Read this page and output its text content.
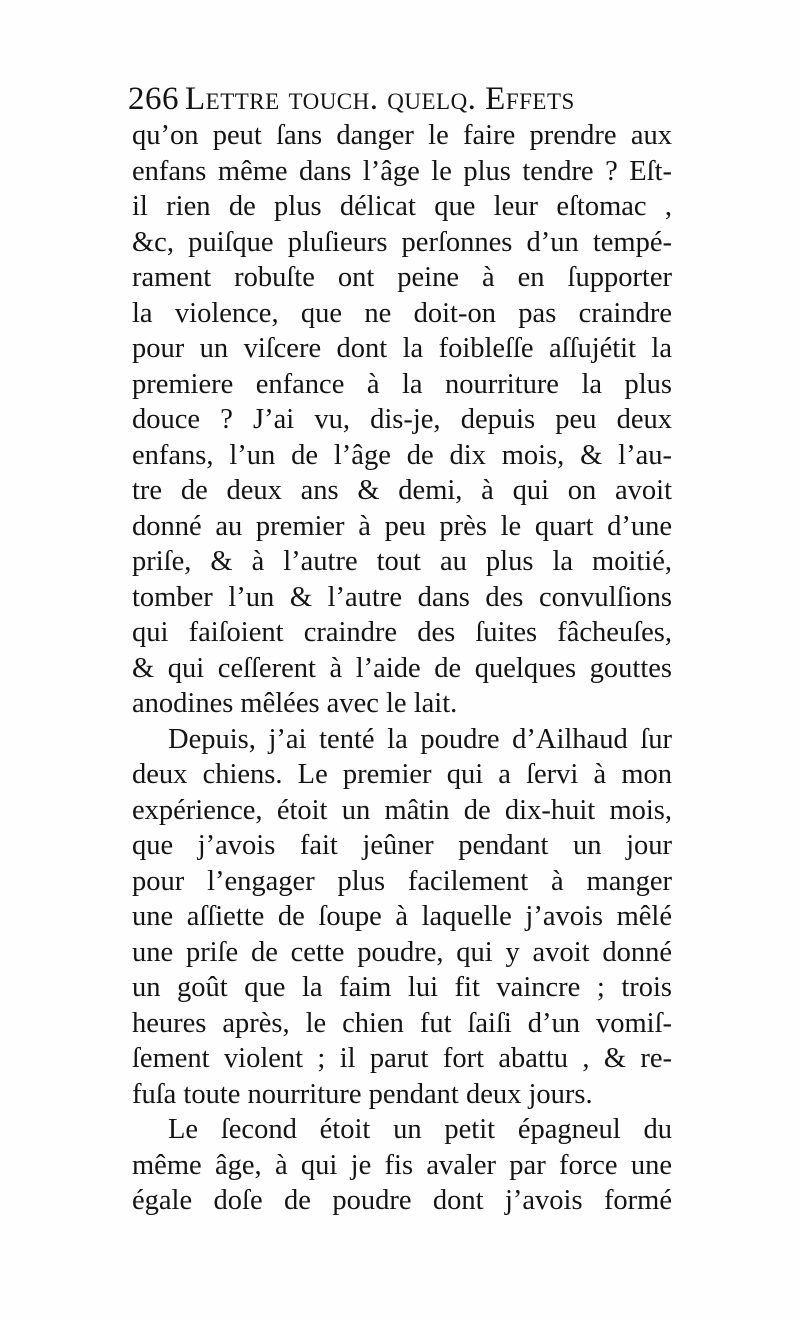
266 Lettre touch. quelq. Effets
qu’on peut ſans danger le faire prendre aux
enfans même dans l’âge le plus tendre ? Eſt-
il rien de plus délicat que leur eſtomac ,
&c, puiſque pluſieurs perſonnes d’un tempé-
rament robuſte ont peine à en ſupporter
la violence, que ne doit-on pas craindre
pour un viſcere dont la foibleſſe aſſujétit la
premiere enfance à la nourriture la plus
douce ? J’ai vu, dis-je, depuis peu deux
enfans, l’un de l’âge de dix mois, & l’au-
tre de deux ans & demi, à qui on avoit
donné au premier à peu près le quart d’une
priſe, & à l’autre tout au plus la moitié,
tomber l’un & l’autre dans des convulſions
qui faiſoient craindre des ſuites fâcheuſes,
& qui ceſſerent à l’aide de quelques gouttes
anodines mêlées avec le lait.
Depuis, j’ai tenté la poudre d’Ailhaud ſur
deux chiens. Le premier qui a ſervi à mon
expérience, étoit un mâtin de dix-huit mois,
que j’avois fait jeûner pendant un jour
pour l’engager plus facilement à manger
une aſſiette de ſoupe à laquelle j’avois mêlé
une priſe de cette poudre, qui y avoit donné
un goût que la faim lui fit vaincre ; trois
heures après, le chien fut ſaiſi d’un vomiſ-
ſement violent ; il parut fort abattu , & re-
fuſa toute nourriture pendant deux jours.
Le ſecond étoit un petit épagneul du
même âge, à qui je fis avaler par force une
égale doſe de poudre dont j’avois formé
